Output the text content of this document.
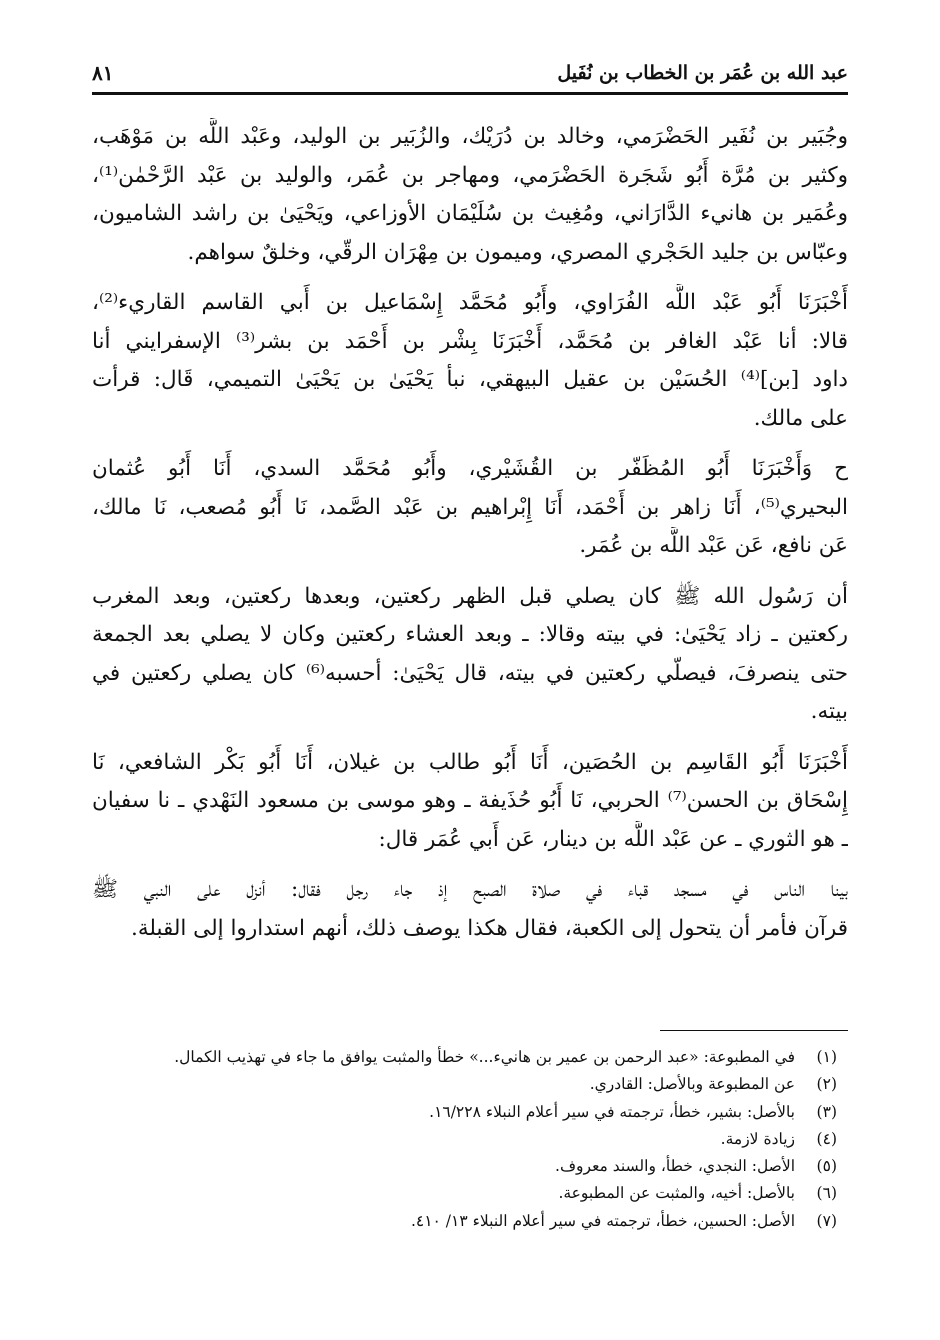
عبد الله بن عُمَر بن الخطاب بن نُفَيل
٨١
وجُبَير بن نُفَير الحَضْرَمي، وخالد بن دُرَيْك، والزُبَير بن الوليد، وعَبْد اللَّه بن مَوْهَب،
وكثير بن مُرَّة أَبُو شَجَرة الحَضْرَمي، ومهاجر بن عُمَر، والوليد بن عَبْد الرَّحْمٰن⁽¹⁾،
وعُمَير بن هانيء الدَّارَاني، ومُغِيث بن سُلَيْمَان الأوزاعي، ويَحْيَىٰ بن راشد الشاميون،
وعبّاس بن جليد الحَجْري المصري، وميمون بن مِهْرَان الرقّي، وخلقٌ سواهم.
أَخْبَرَنَا أَبُو عَبْد اللَّه الفُرَاوي، وأَبُو مُحَمَّد إِسْمَاعيل بن أَبي القاسم القاريء⁽²⁾،
قالا: أنا عَبْد الغافر بن مُحَمَّد، أَخْبَرَنَا بِشْر بن أَحْمَد بن بشر⁽³⁾ الإسفرايني أنا
داود [بن]⁽⁴⁾ الحُسَيْن بن عقيل البيهقي، نبأ يَحْيَىٰ بن يَحْيَىٰ التميمي، قَال: قرأت
على مالك.
ح وَأَخْبَرَنَا أَبُو المُظَفّر بن القُشَيْري، وأَبُو مُحَمَّد السدي، أَنَا أَبُو عُثمان
البحيري⁽⁵⁾، أَنَا زاهر بن أَحْمَد، أَنَا إِبْراهيم بن عَبْد الصَّمد، نَا أَبُو مُصعب، نَا مالك،
عَن نافع، عَن عَبْد اللَّه بن عُمَر.
أن رَسُول الله ﷺ كان يصلي قبل الظهر ركعتين، وبعدها ركعتين، وبعد المغرب
ركعتين ـ زاد يَحْيَىٰ: في بيته وقالا: ـ وبعد العشاء ركعتين وكان لا يصلي بعد الجمعة
حتى ينصرفَ، فيصلّي ركعتين في بيته، قال يَحْيَىٰ: أحسبه⁽⁶⁾ كان يصلي ركعتين في
بيته.
أَخْبَرَنَا أَبُو القَاسِم بن الحُصَين، أَنَا أَبُو طالب بن غيلان، أَنَا أَبُو بَكْر الشافعي، نَا
إِسْحَاق بن الحسن⁽⁷⁾ الحربي، نَا أَبُو حُذَيفة ـ وهو موسى بن مسعود النَهْدي ـ نا سفيان
ـ هو الثوري ـ عن عَبْد اللَّه بن دينار، عَن أَبي عُمَر قال:
بينا الناس في مسجد قباء في صلاة الصبح إذ جاء رجل فقال: أنزل على النبي ﷺ
قرآن فأمر أن يتحول إلى الكعبة، فقال هكذا يوصف ذلك، أنهم استداروا إلى القبلة.
(١)
في المطبوعة: «عبد الرحمن بن عمير بن هانيء...» خطأ والمثبت يوافق ما جاء في تهذيب الكمال.
(٢)
عن المطبوعة وبالأصل: القادري.
(٣)
بالأصل: بشير، خطأ، ترجمته في سير أعلام النبلاء ١٦/٢٢٨.
(٤)
زيادة لازمة.
(٥)
الأصل: النجدي، خطأ، والسند معروف.
(٦)
بالأصل: أخيه، والمثبت عن المطبوعة.
(٧)
الأصل: الحسين، خطأ، ترجمته في سير أعلام النبلاء ١٣/ ٤١٠.
